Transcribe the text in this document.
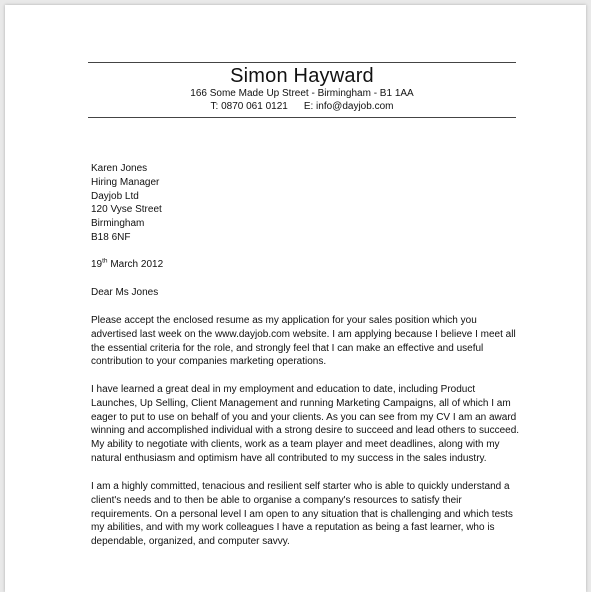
Simon Hayward
166 Some Made Up Street - Birmingham - B1 1AA
T: 0870 061 0121 E: info@dayjob.com
Karen Jones
Hiring Manager
Dayjob Ltd
120 Vyse Street
Birmingham
B18 6NF
19th March 2012
Dear Ms Jones

Please accept the enclosed resume as my application for your sales position which you advertised last week on the www.dayjob.com website. I am applying because I believe I meet all the essential criteria for the role, and strongly feel that I can make an effective and useful contribution to your companies marketing operations.

I have learned a great deal in my employment and education to date, including Product Launches, Up Selling, Client Management and running Marketing Campaigns, all of which I am eager to put to use on behalf of you and your clients. As you can see from my CV I am an award winning and accomplished individual with a strong desire to succeed and lead others to succeed. My ability to negotiate with clients, work as a team player and meet deadlines, along with my natural enthusiasm and optimism have all contributed to my success in the sales industry.

I am a highly committed, tenacious and resilient self starter who is able to quickly understand a client's needs and to then be able to organise a company's resources to satisfy their requirements. On a personal level I am open to any situation that is challenging and which tests my abilities, and with my work colleagues I have a reputation as being a fast learner, who is dependable, organized, and computer savvy.
